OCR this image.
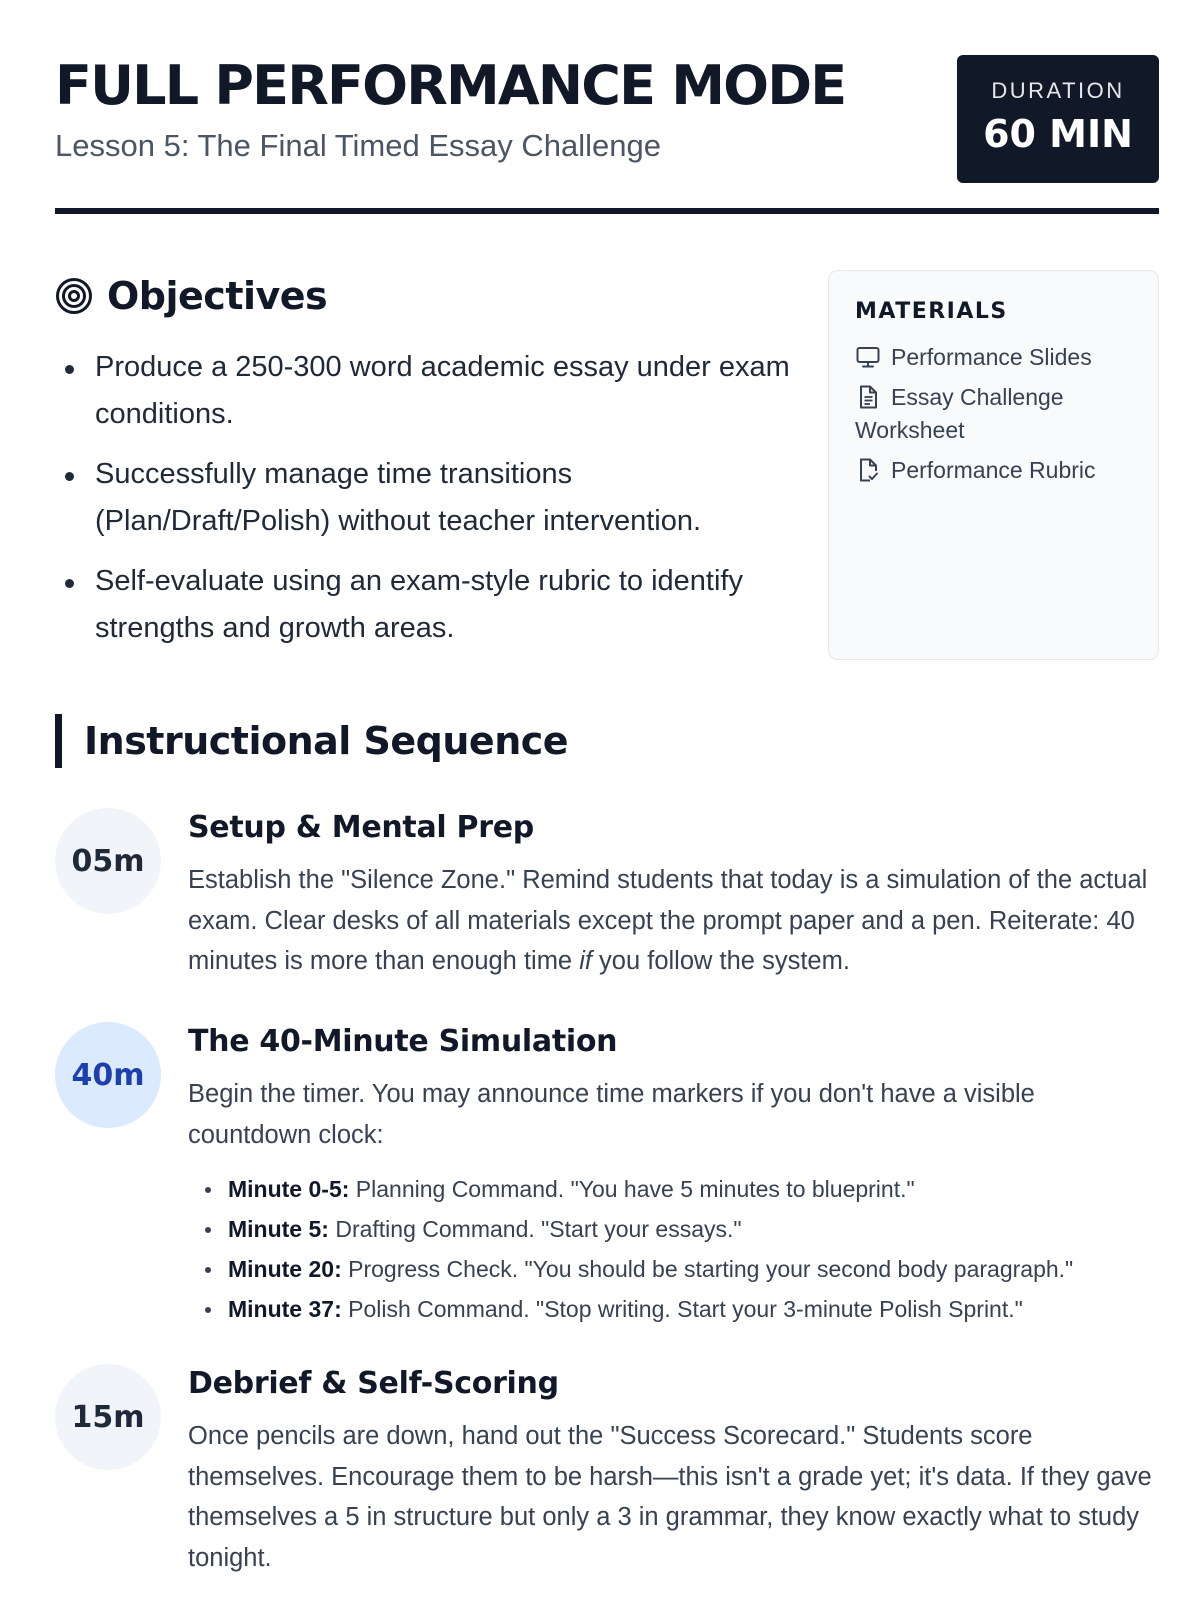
FULL PERFORMANCE MODE
Lesson 5: The Final Timed Essay Challenge
DURATION
60 MIN
Objectives
Produce a 250-300 word academic essay under exam conditions.
Successfully manage time transitions (Plan/Draft/Polish) without teacher intervention.
Self-evaluate using an exam-style rubric to identify strengths and growth areas.
MATERIALS
Performance Slides
Essay Challenge Worksheet
Performance Rubric
Instructional Sequence
05m
Setup & Mental Prep
Establish the "Silence Zone." Remind students that today is a simulation of the actual exam. Clear desks of all materials except the prompt paper and a pen. Reiterate: 40 minutes is more than enough time if you follow the system.
40m
The 40-Minute Simulation
Begin the timer. You may announce time markers if you don't have a visible countdown clock:
Minute 0-5: Planning Command. "You have 5 minutes to blueprint."
Minute 5: Drafting Command. "Start your essays."
Minute 20: Progress Check. "You should be starting your second body paragraph."
Minute 37: Polish Command. "Stop writing. Start your 3-minute Polish Sprint."
15m
Debrief & Self-Scoring
Once pencils are down, hand out the "Success Scorecard." Students score themselves. Encourage them to be harsh—this isn't a grade yet; it's data. If they gave themselves a 5 in structure but only a 3 in grammar, they know exactly what to study tonight.
